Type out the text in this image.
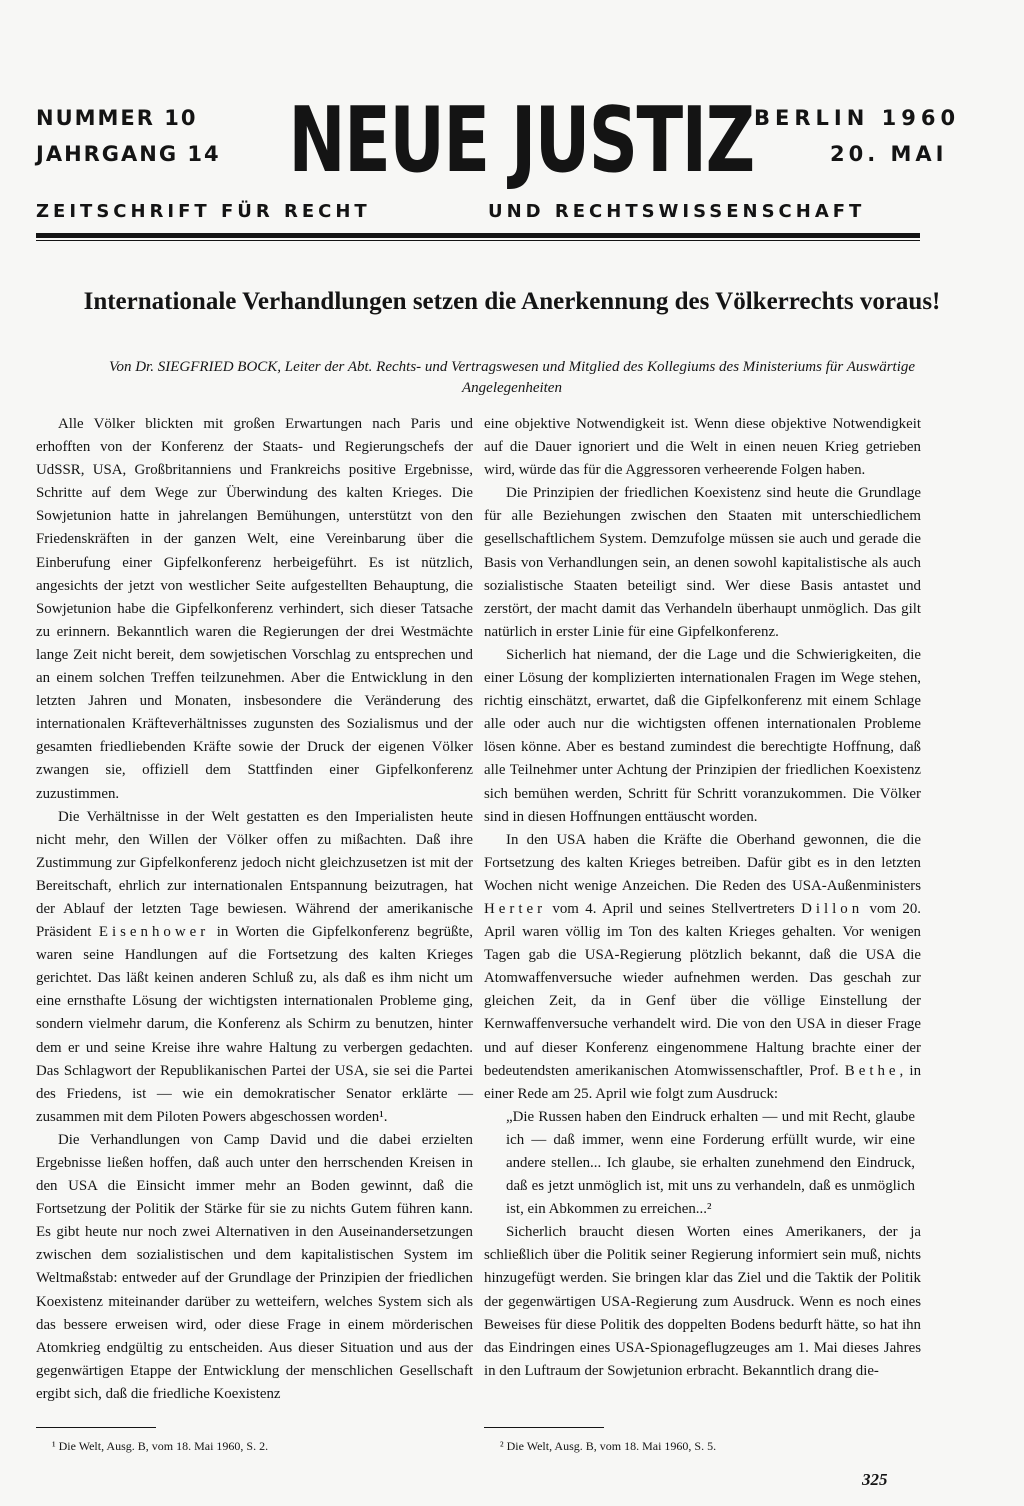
NUMMER 10
JAHRGANG 14 NEUE JUSTIZ BERLIN 1960
20. MAI
ZEITSCHRIFT FÜR RECHT	UND RECHTSWISSENSCHAFT
Internationale Verhandlungen setzen die Anerkennung des Völkerrechts voraus!
Von Dr. SIEGFRIED BOCK, Leiter der Abt. Rechts- und Vertragswesen und Mitglied des Kollegiums des Ministeriums für Auswärtige Angelegenheiten

Alle Völker blickten mit großen Erwartungen nach Paris und erhofften von der Konferenz der Staats- und Regierungschefs der UdSSR, USA, Großbritanniens und Frankreichs positive Ergebnisse, Schritte auf dem Wege zur Überwindung des kalten Krieges. Die Sowjetunion hatte in jahrelangen Bemühungen, unterstützt von den Friedenskräften in der ganzen Welt, eine Vereinbarung über die Einberufung einer Gipfelkonferenz herbeigeführt. Es ist nützlich, angesichts der jetzt von westlicher Seite aufgestellten Behauptung, die Sowjetunion habe die Gipfelkonferenz verhindert, sich dieser Tatsache zu erinnern. Bekanntlich waren die Regierungen der drei Westmächte lange Zeit nicht bereit, dem sowjetischen Vorschlag zu entsprechen und an einem solchen Treffen teilzunehmen. Aber die Entwicklung in den letzten Jahren und Monaten, insbesondere die Veränderung des internationalen Kräfteverhältnisses zugunsten des Sozialismus und der gesamten friedliebenden Kräfte sowie der Druck der eigenen Völker zwangen sie, offiziell dem Stattfinden einer Gipfelkonferenz zuzustimmen.

Die Verhältnisse in der Welt gestatten es den Imperialisten heute nicht mehr, den Willen der Völker offen zu mißachten. Daß ihre Zustimmung zur Gipfelkonferenz jedoch nicht gleichzusetzen ist mit der Bereitschaft, ehrlich zur internationalen Entspannung beizutragen, hat der Ablauf der letzten Tage bewiesen. Während der amerikanische Präsident Eisenhower in Worten die Gipfelkonferenz begrüßte, waren seine Handlungen auf die Fortsetzung des kalten Krieges gerichtet. Das läßt keinen anderen Schluß zu, als daß es ihm nicht um eine ernsthafte Lösung der wichtigsten internationalen Probleme ging, sondern vielmehr darum, die Konferenz als Schirm zu benutzen, hinter dem er und seine Kreise ihre wahre Haltung zu verbergen gedachten. Das Schlagwort der Republikanischen Partei der USA, sie sei die Partei des Friedens, ist — wie ein demokratischer Senator erklärte — zusammen mit dem Piloten Powers abgeschossen worden¹.

Die Verhandlungen von Camp David und die dabei erzielten Ergebnisse ließen hoffen, daß auch unter den herrschenden Kreisen in den USA die Einsicht immer mehr an Boden gewinnt, daß die Fortsetzung der Politik der Stärke für sie zu nichts Gutem führen kann. Es gibt heute nur noch zwei Alternativen in den Auseinandersetzungen zwischen dem sozialistischen und dem kapitalistischen System im Weltmaßstab: entweder auf der Grundlage der Prinzipien der friedlichen Koexistenz miteinander darüber zu wetteifern, welches System sich als das bessere erweisen wird, oder diese Frage in einem mörderischen Atomkrieg endgültig zu entscheiden. Aus dieser Situation und aus der gegenwärtigen Etappe der Entwicklung der menschlichen Gesellschaft ergibt sich, daß die friedliche Koexistenz

eine objektive Notwendigkeit ist. Wenn diese objektive Notwendigkeit auf die Dauer ignoriert und die Welt in einen neuen Krieg getrieben wird, würde das für die Aggressoren verheerende Folgen haben.

Die Prinzipien der friedlichen Koexistenz sind heute die Grundlage für alle Beziehungen zwischen den Staaten mit unterschiedlichem gesellschaftlichem System. Demzufolge müssen sie auch und gerade die Basis von Verhandlungen sein, an denen sowohl kapitalistische als auch sozialistische Staaten beteiligt sind. Wer diese Basis antastet und zerstört, der macht damit das Verhandeln überhaupt unmöglich. Das gilt natürlich in erster Linie für eine Gipfelkonferenz.

Sicherlich hat niemand, der die Lage und die Schwierigkeiten, die einer Lösung der komplizierten internationalen Fragen im Wege stehen, richtig einschätzt, erwartet, daß die Gipfelkonferenz mit einem Schlage alle oder auch nur die wichtigsten offenen internationalen Probleme lösen könne. Aber es bestand zumindest die berechtigte Hoffnung, daß alle Teilnehmer unter Achtung der Prinzipien der friedlichen Koexistenz sich bemühen werden, Schritt für Schritt voranzukommen. Die Völker sind in diesen Hoffnungen enttäuscht worden.

In den USA haben die Kräfte die Oberhand gewonnen, die die Fortsetzung des kalten Krieges betreiben. Dafür gibt es in den letzten Wochen nicht wenige Anzeichen. Die Reden des USA-Außenministers Herter vom 4. April und seines Stellvertreters Dillon vom 20. April waren völlig im Ton des kalten Krieges gehalten. Vor wenigen Tagen gab die USA-Regierung plötzlich bekannt, daß die USA die Atomwaffenversuche wieder aufnehmen werden. Das geschah zur gleichen Zeit, da in Genf über die völlige Einstellung der Kernwaffenversuche verhandelt wird. Die von den USA in dieser Frage und auf dieser Konferenz eingenommene Haltung brachte einer der bedeutendsten amerikanischen Atomwissenschaftler, Prof. Bethe, in einer Rede am 25. April wie folgt zum Ausdruck:

„Die Russen haben den Eindruck erhalten — und mit Recht, glaube ich — daß immer, wenn eine Forderung erfüllt wurde, wir eine andere stellen... Ich glaube, sie erhalten zunehmend den Eindruck, daß es jetzt unmöglich ist, mit uns zu verhandeln, daß es unmöglich ist, ein Abkommen zu erreichen...²

Sicherlich braucht diesen Worten eines Amerikaners, der ja schließlich über die Politik seiner Regierung informiert sein muß, nichts hinzugefügt werden. Sie bringen klar das Ziel und die Taktik der Politik der gegenwärtigen USA-Regierung zum Ausdruck. Wenn es noch eines Beweises für diese Politik des doppelten Bodens bedurft hätte, so hat ihn das Eindringen eines USA-Spionageflugzeuges am 1. Mai dieses Jahres in den Luftraum der Sowjetunion erbracht. Bekanntlich drang die-

¹ Die Welt, Ausg. B, vom 18. Mai 1960, S. 2.	² Die Welt, Ausg. B, vom 18. Mai 1960, S. 5.
325
